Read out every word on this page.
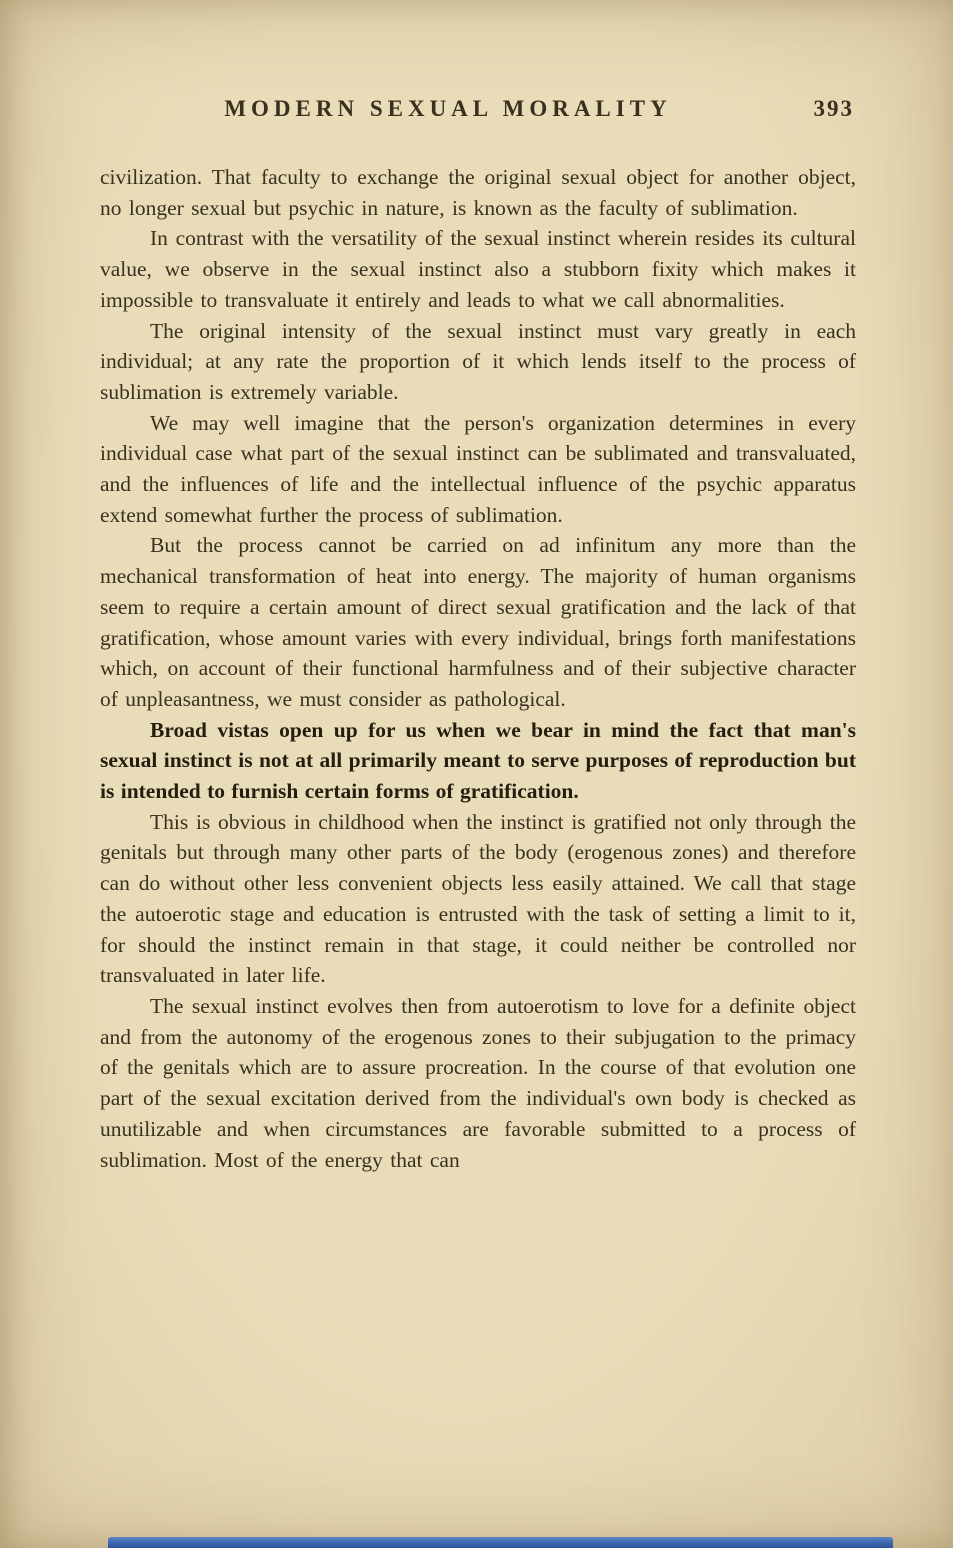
MODERN SEXUAL MORALITY	393

civilization. That faculty to exchange the original sexual object for another object, no longer sexual but psychic in nature, is known as the faculty of sublimation.

In contrast with the versatility of the sexual instinct wherein resides its cultural value, we observe in the sexual instinct also a stubborn fixity which makes it impossible to transvaluate it entirely and leads to what we call abnormalities.

The original intensity of the sexual instinct must vary greatly in each individual; at any rate the proportion of it which lends itself to the process of sublimation is extremely variable.

We may well imagine that the person's organization determines in every individual case what part of the sexual instinct can be sublimated and transvaluated, and the influences of life and the intellectual influence of the psychic apparatus extend somewhat further the process of sublimation.

But the process cannot be carried on ad infinitum any more than the mechanical transformation of heat into energy. The majority of human organisms seem to require a certain amount of direct sexual gratification and the lack of that gratification, whose amount varies with every individual, brings forth manifestations which, on account of their functional harmfulness and of their subjective character of unpleasantness, we must consider as pathological.

Broad vistas open up for us when we bear in mind the fact that man's sexual instinct is not at all primarily meant to serve purposes of reproduction but is intended to furnish certain forms of gratification.

This is obvious in childhood when the instinct is gratified not only through the genitals but through many other parts of the body (erogenous zones) and therefore can do without other less convenient objects less easily attained. We call that stage the autoerotic stage and education is entrusted with the task of setting a limit to it, for should the instinct remain in that stage, it could neither be controlled nor transvaluated in later life.

The sexual instinct evolves then from autoerotism to love for a definite object and from the autonomy of the erogenous zones to their subjugation to the primacy of the genitals which are to assure procreation. In the course of that evolution one part of the sexual excitation derived from the individual's own body is checked as unutilizable and when circumstances are favorable submitted to a process of sublimation. Most of the energy that can
